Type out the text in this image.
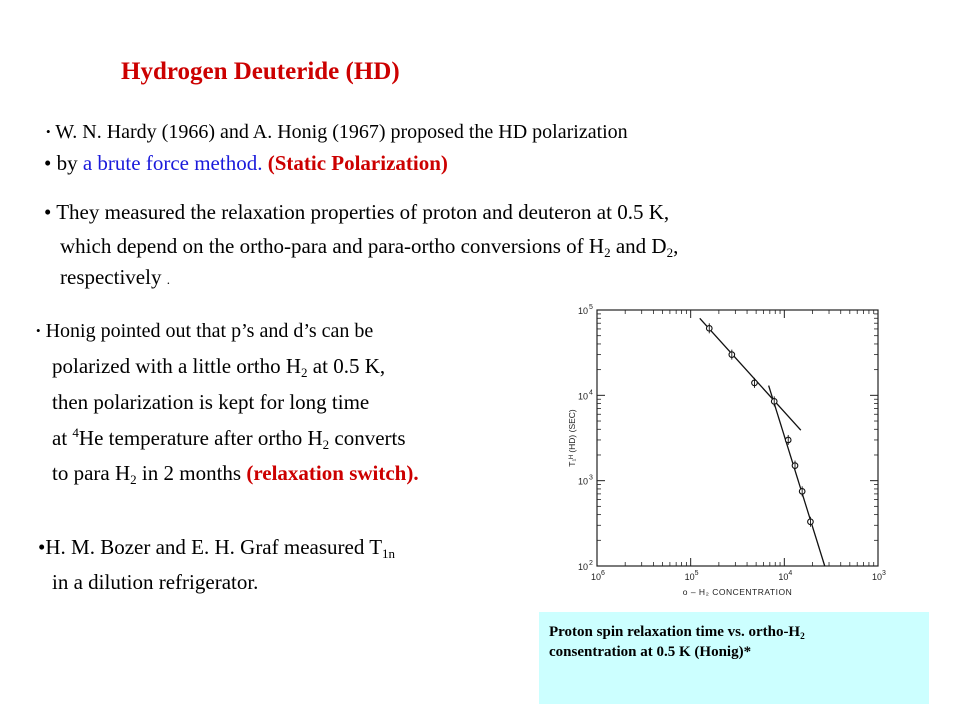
Hydrogen Deuteride (HD)
• W. N. Hardy (1966) and A. Honig (1967) proposed the HD polarization
• by a brute force method. (Static Polarization)
• They measured the relaxation properties of proton and deuteron at 0.5 K,
which depend on the ortho-para and para-ortho conversions of $H_2$ and $D_2$,
respectively .
• Honig pointed out that p’s and d’s can be
polarized with a little ortho $H_2$ at 0.5 K,
then polarization is kept for long time
at $^4$He temperature after ortho $H_2$ converts
to para $H_2$ in 2 months (relaxation switch).
•H. M. Bozer and E. H. Graf measured $T_{1n}$
in a dilution refrigerator.	10 6	10 5	10 4	10 3
10 2
10 3
10 4
10 5
o – H₂ CONCENTRATION
T₁ᴴ (HD) (SEC)
Proton spin relaxation time vs. ortho-$H_2$
consentration at 0.5 K (Honig)*
